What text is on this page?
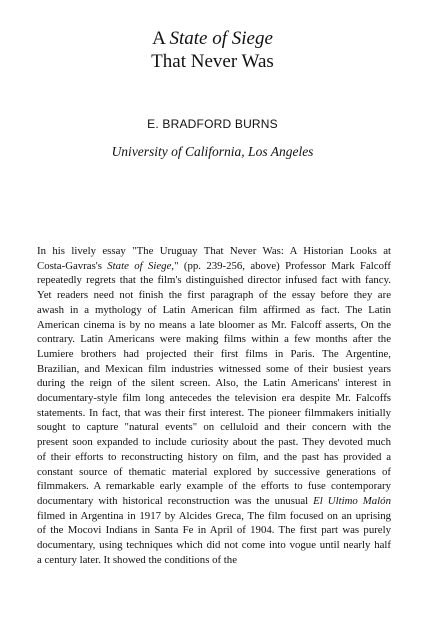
A State of Siege
That Never Was
E. BRADFORD BURNS
University of California, Los Angeles
In his lively essay "The Uruguay That Never Was: A Historian Looks at
Costa-Gavras's State of Siege," (pp. 239-256, above) Professor Mark Falcoff
repeatedly regrets that the film's distinguished director infused fact with fancy.
Yet readers need not finish the first paragraph of the essay before they are
awash in a mythology of Latin American film affirmed as fact. The Latin
American cinema is by no means a late bloomer as Mr. Falcoff asserts, On the
contrary. Latin Americans were making films within a few months after the
Lumiere brothers had projected their first films in Paris. The Argentine,
Brazilian, and Mexican film industries witnessed some of their busiest years
during the reign of the silent screen. Also, the Latin Americans' interest in
documentary-style film long antecedes the television era despite Mr. Falcoffs
statements. In fact, that was their first interest. The pioneer filmmakers initially
sought to capture "natural events" on celluloid and their concern with the
present soon expanded to include curiosity about the past. They devoted much
of their efforts to reconstructing history on film, and the past has provided a
constant source of thematic material explored by successive generations of
filmmakers. A remarkable early example of the efforts to fuse contemporary
documentary with historical reconstruction was the unusual El Ultimo Malón
filmed in Argentina in 1917 by Alcides Greca, The film focused on an uprising
of the Mocovi Indians in Santa Fe in April of 1904. The first part was purely
documentary, using techniques which did not come into vogue until nearly half
a century later. It showed the conditions of the
